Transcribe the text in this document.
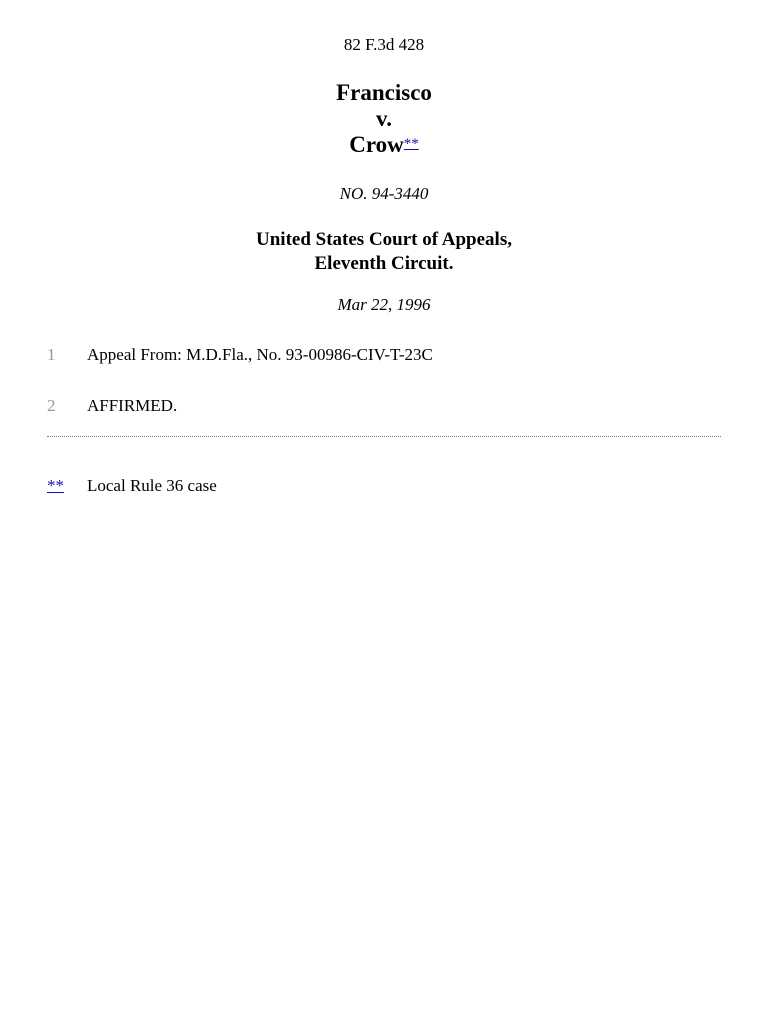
82 F.3d 428
Francisco
v.
Crow**
NO. 94-3440
United States Court of Appeals,
Eleventh Circuit.
Mar 22, 1996
1 Appeal From: M.D.Fla., No. 93-00986-CIV-T-23C
2 AFFIRMED.
** Local Rule 36 case
